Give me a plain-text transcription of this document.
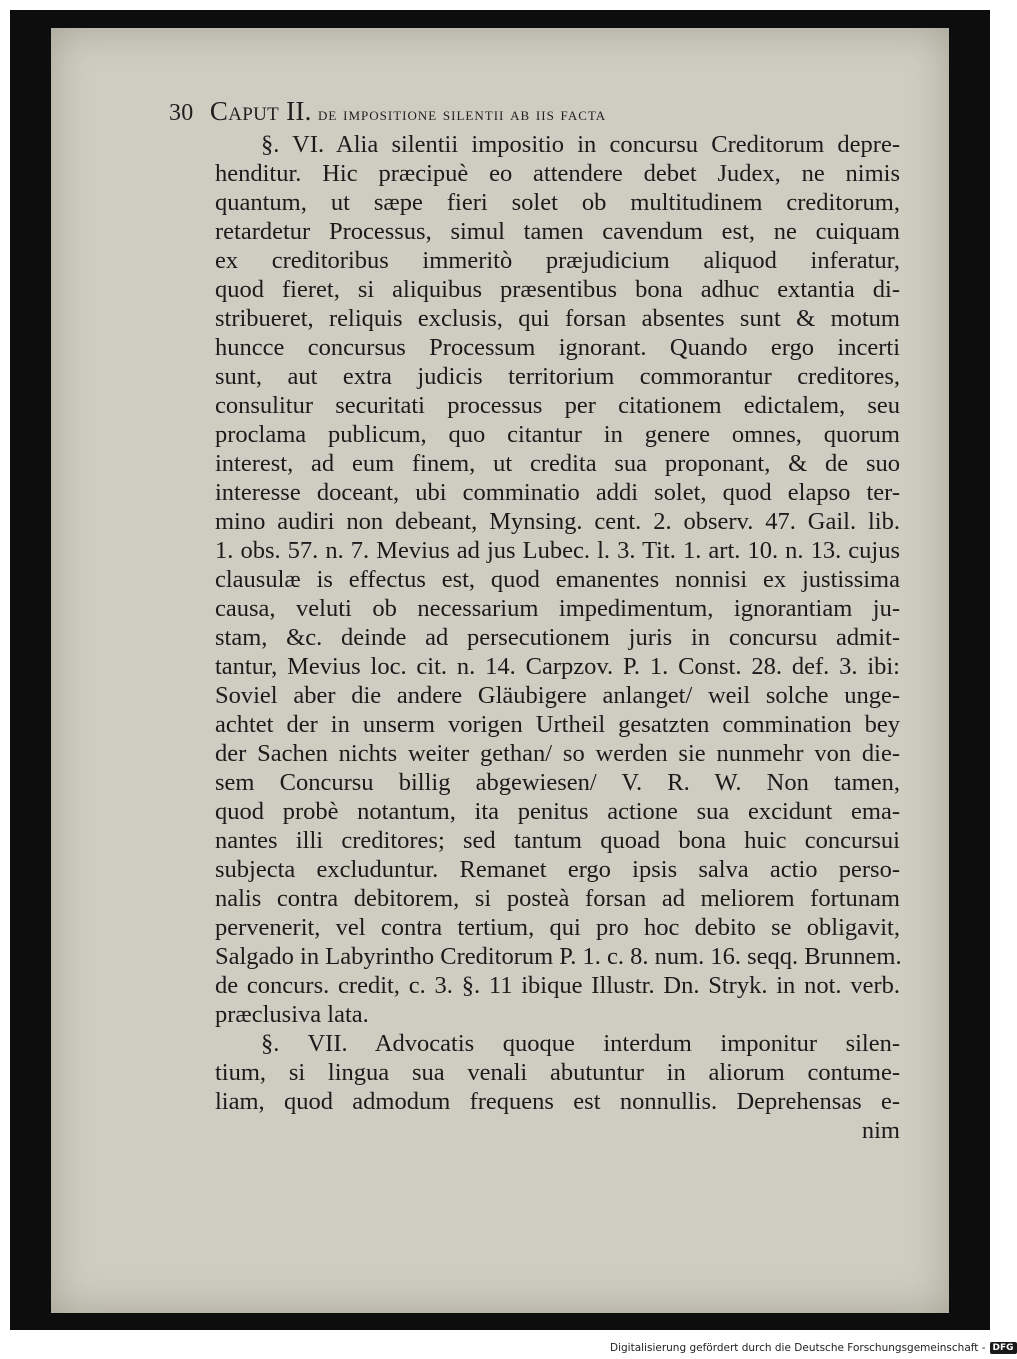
30 Caput II. de impositione silentii ab iis facta
§. VI. Alia silentii impositio in concursu Creditorum depre-
henditur. Hic præcipuè eo attendere debet Judex, ne nimis
quantum, ut sæpe fieri solet ob multitudinem creditorum,
retardetur Processus, simul tamen cavendum est, ne cuiquam
ex creditoribus immeritò præjudicium aliquod inferatur,
quod fieret, si aliquibus præsentibus bona adhuc extantia di-
stribueret, reliquis exclusis, qui forsan absentes sunt & motum
huncce concursus Processum ignorant. Quando ergo incerti
sunt, aut extra judicis territorium commorantur creditores,
consulitur securitati processus per citationem edictalem, seu
proclama publicum, quo citantur in genere omnes, quorum
interest, ad eum finem, ut credita sua proponant, & de suo
interesse doceant, ubi comminatio addi solet, quod elapso ter-
mino audiri non debeant, Mynsing. cent. 2. observ. 47. Gail. lib.
1. obs. 57. n. 7. Mevius ad jus Lubec. l. 3. Tit. 1. art. 10. n. 13. cujus
clausulæ is effectus est, quod emanentes nonnisi ex justissima
causa, veluti ob necessarium impedimentum, ignorantiam ju-
stam, &c. deinde ad persecutionem juris in concursu admit-
tantur, Mevius loc. cit. n. 14. Carpzov. P. 1. Const. 28. def. 3. ibi:
Soviel aber die andere Gläubigere anlanget/ weil solche unge-
achtet der in unserm vorigen Urtheil gesatzten commination bey
der Sachen nichts weiter gethan/ so werden sie nunmehr von die-
sem Concursu billig abgewiesen/ V. R. W. Non tamen,
quod probè notantum, ita penitus actione sua excidunt ema-
nantes illi creditores; sed tantum quoad bona huic concursui
subjecta excluduntur. Remanet ergo ipsis salva actio perso-
nalis contra debitorem, si posteà forsan ad meliorem fortunam
pervenerit, vel contra tertium, qui pro hoc debito se obligavit,
Salgado in Labyrintho Creditorum P. 1. c. 8. num. 16. seqq. Brunnem.
de concurs. credit, c. 3. §. 11 ibique Illustr. Dn. Stryk. in not. verb.
præclusiva lata.
§. VII. Advocatis quoque interdum imponitur silen-
tium, si lingua sua venali abutuntur in aliorum contume-
liam, quod admodum frequens est nonnullis. Deprehensas e-
nim
Digitalisierung gefördert durch die Deutsche Forschungsgemeinschaft - DFG
